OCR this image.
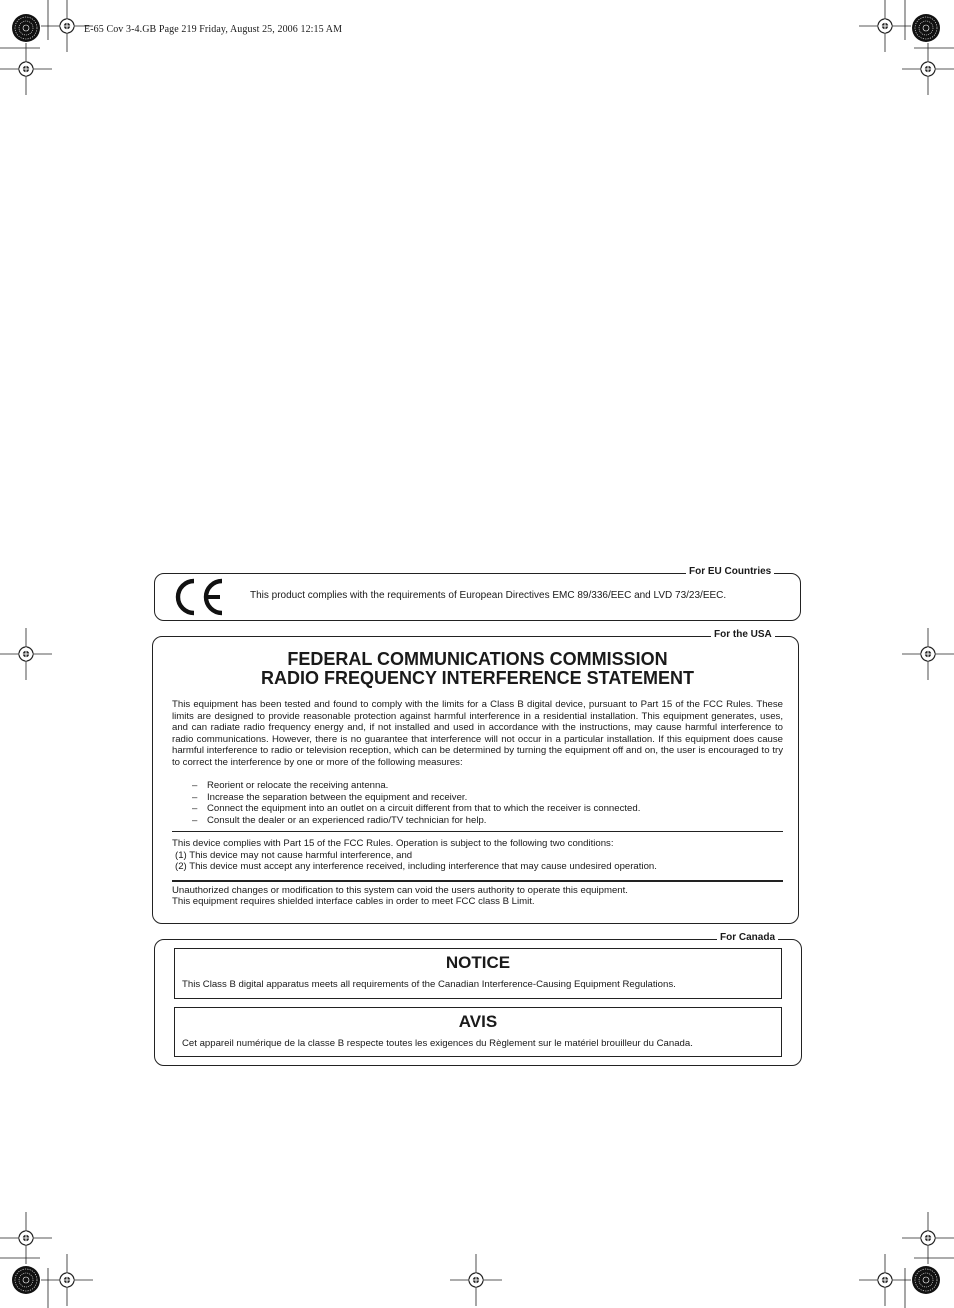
E-65 Cov 3-4.GB Page 219 Friday, August 25, 2006 12:15 AM
For EU Countries
This product complies with the requirements of European Directives EMC 89/336/EEC and LVD 73/23/EEC.
For the USA
FEDERAL COMMUNICATIONS COMMISSION
RADIO FREQUENCY INTERFERENCE STATEMENT
This equipment has been tested and found to comply with the limits for a Class B digital device, pursuant to Part 15 of the FCC Rules. These limits are designed to provide reasonable protection against harmful interference in a residential installation. This equipment generates, uses, and can radiate radio frequency energy and, if not installed and used in accordance with the instructions, may cause harmful interference to radio communications. However, there is no guarantee that interference will not occur in a particular installation. If this equipment does cause harmful interference to radio or television reception, which can be determined by turning the equipment off and on, the user is encouraged to try to correct the interference by one or more of the following measures:
– Reorient or relocate the receiving antenna.
– Increase the separation between the equipment and receiver.
– Connect the equipment into an outlet on a circuit different from that to which the receiver is connected.
– Consult the dealer or an experienced radio/TV technician for help.
This device complies with Part 15 of the FCC Rules. Operation is subject to the following two conditions:
(1) This device may not cause harmful interference, and
(2) This device must accept any interference received, including interference that may cause undesired operation.
Unauthorized changes or modification to this system can void the users authority to operate this equipment.
This equipment requires shielded interface cables in order to meet FCC class B Limit.
For Canada
NOTICE
This Class B digital apparatus meets all requirements of the Canadian Interference-Causing Equipment Regulations.
AVIS
Cet appareil numérique de la classe B respecte toutes les exigences du Règlement sur le matériel brouilleur du Canada.
